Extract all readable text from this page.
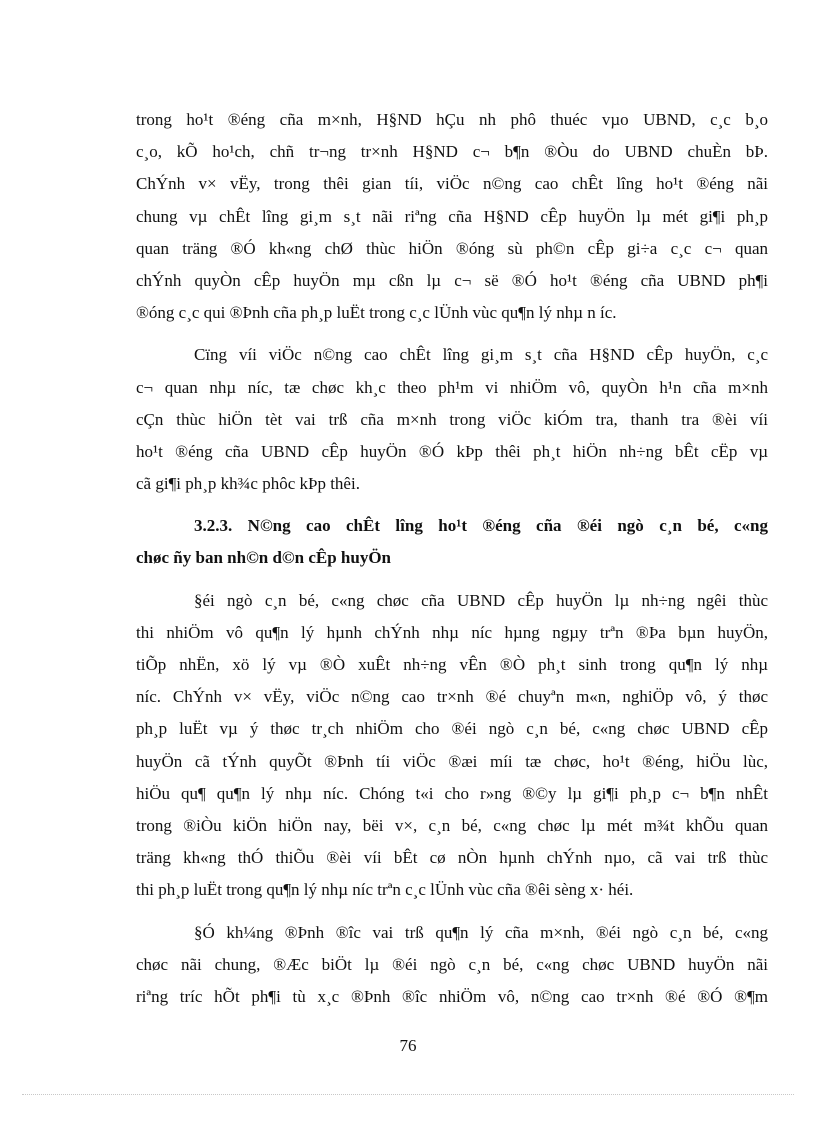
trong ho¹t ®éng cña m×nh, H§ND hÇu nh phô thuéc vµo UBND, c¸c b¸o
c¸o, kÕ ho¹ch, chñ tr¬ng tr×nh H§ND c¬ b¶n ®Òu do UBND chuÈn bÞ.
ChÝnh v× vËy, trong thêi gian tíi, viÖc n©ng cao chÊt lîng ho¹t ®éng nãi
chung vµ chÊt lîng gi¸m s¸t nãi riªng cña H§ND cÊp huyÖn lµ mét gi¶i ph¸p
quan träng ®Ó kh«ng chØ thùc hiÖn ®óng sù ph©n cÊp gi÷a c¸c c¬ quan
chÝnh quyÒn cÊp huyÖn mµ cßn lµ c¬ së ®Ó ho¹t ®éng cña UBND ph¶i
®óng c¸c qui ®Þnh cña ph¸p luËt trong c¸c lÜnh vùc qu¶n lý nhµ n íc.
Cïng víi viÖc n©ng cao chÊt lîng gi¸m s¸t cña H§ND cÊp huyÖn, c¸c
c¬ quan nhµ níc, tæ chøc kh¸c theo ph¹m vi nhiÖm vô, quyÒn h¹n cña m×nh
cÇn thùc hiÖn tèt vai trß cña m×nh trong viÖc kiÓm tra, thanh tra ®èi víi
ho¹t ®éng cña UBND cÊp huyÖn ®Ó kÞp thêi ph¸t hiÖn nh÷ng bÊt cËp vµ
cã gi¶i ph¸p kh¾c phôc kÞp thêi.
3.2.3. N©ng cao chÊt lîng ho¹t ®éng cña ®éi ngò c¸n bé, c«ng
chøc ñy ban nh©n d©n cÊp huyÖn
§éi ngò c¸n bé, c«ng chøc cña UBND cÊp huyÖn lµ nh÷ng ngêi thùc
thi nhiÖm vô qu¶n lý hµnh chÝnh nhµ níc hµng ngµy trªn ®Þa bµn huyÖn,
tiÕp nhËn, xö lý vµ ®Ò xuÊt nh÷ng vÊn ®Ò ph¸t sinh trong qu¶n lý nhµ
níc. ChÝnh v× vËy, viÖc n©ng cao tr×nh ®é chuyªn m«n, nghiÖp vô, ý thøc
ph¸p luËt vµ ý thøc tr¸ch nhiÖm cho ®éi ngò c¸n bé, c«ng chøc UBND cÊp
huyÖn cã tÝnh quyÕt ®Þnh tíi viÖc ®æi míi tæ chøc, ho¹t ®éng, hiÖu lùc,
hiÖu qu¶ qu¶n lý nhµ níc. Chóng t«i cho r»ng ®©y lµ gi¶i ph¸p c¬ b¶n nhÊt
trong ®iÒu kiÖn hiÖn nay, bëi v×, c¸n bé, c«ng chøc lµ mét m¾t khÕu quan
träng kh«ng thÓ thiÕu ®èi víi bÊt cø nÒn hµnh chÝnh nµo, cã vai trß thùc
thi ph¸p luËt trong qu¶n lý nhµ níc trªn c¸c lÜnh vùc cña ®êi sèng x· héi.
§Ó kh¼ng ®Þnh ®îc vai trß qu¶n lý cña m×nh, ®éi ngò c¸n bé, c«ng
chøc nãi chung, ®Æc biÖt lµ ®éi ngò c¸n bé, c«ng chøc UBND huyÖn nãi
riªng tríc hÕt ph¶i tù x¸c ®Þnh ®îc nhiÖm vô, n©ng cao tr×nh ®é ®Ó ®¶m
76
